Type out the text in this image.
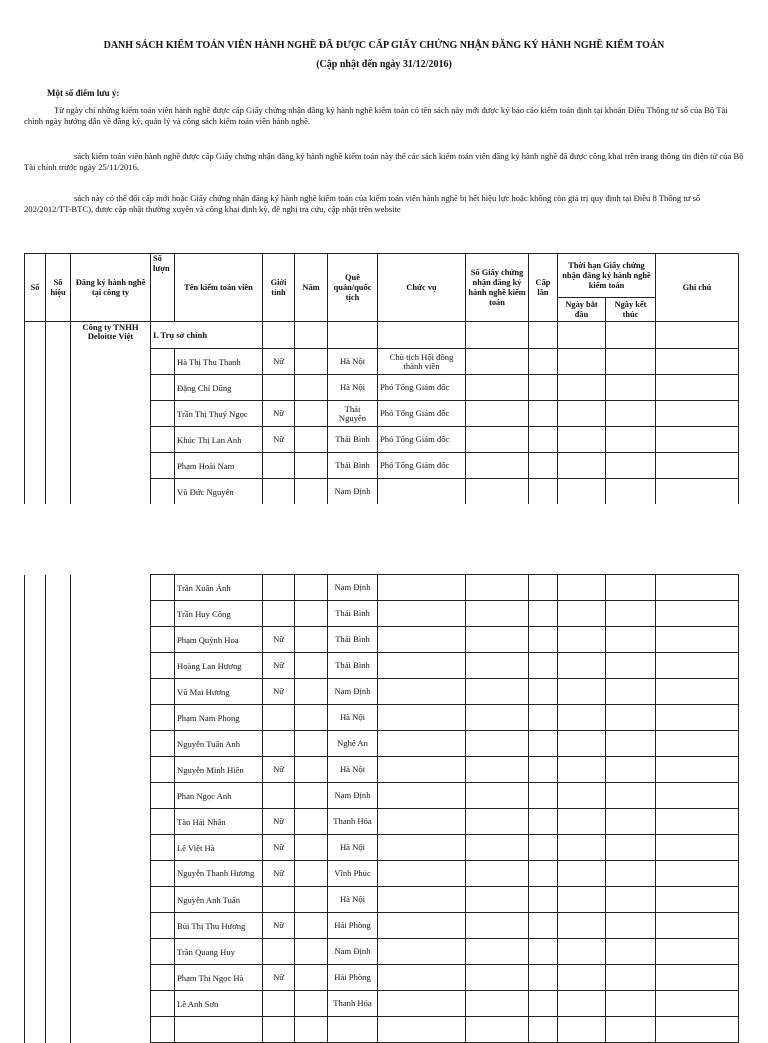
DANH SÁCH KIỂM TOÁN VIÊN HÀNH NGHỀ ĐÃ ĐƯỢC CẤP GIẤY CHỨNG NHẬN ĐĂNG KÝ HÀNH NGHỀ KIỂM TOÁN
(Cập nhật đến ngày 31/12/2016)
Một số điểm lưu ý:
Từ ngày chỉ những kiểm toán viên hành nghề được cấp Giấy chứng nhận đăng ký hành nghề kiểm toán có tên sách này mới được ký báo cáo kiểm toán định tại khoản Điều Thông tư số của Bộ Tài chính ngày hướng dẫn về đăng ký, quản lý và công sách kiểm toán viên hành nghề.
sách kiểm toán viên hành nghề được cấp Giấy chứng nhận đăng ký hành nghề kiểm toán này thể các sách kiểm toán viên đăng ký hành nghề đã được công khai trên trang thông tin điện tử của Bộ Tài chính trước ngày 25/11/2016.
sách này có thể đổi cấp mới hoặc Giấy chứng nhận đăng ký hành nghề kiểm toán của kiểm toán viên hành nghề bị hết hiệu lực hoặc không còn giá trị quy định tại Điều 8 Thông tư số 202/2012/TT-BTC), được cập nhật thường xuyên và công khai định kỳ, đề nghị tra cứu, cập nhật trên website
Số	Số hiệu	Đăng ký hành nghề tại công ty	Số lượn	Tên kiểm toán viên	Giới tính	Năm	Quê quán/quốc tịch	Chức vụ	Số Giấy chứng nhận đăng ký hành nghề kiểm toán	Cấp lần	Thời hạn Giấy chứng nhận đăng ký hành nghề kiểm toán		Ghi chú
											Ngày bắt đầu	Ngày kết thúc	
		Công ty TNHH Deloitte Việt	I. Trụ sở chính										
				Hà Thị Thu Thanh	Nữ		Hà Nội	Chủ tịch Hội đồng thành viên					
				Đặng Chí Dũng			Hà Nội	Phó Tổng Giám đốc					
				Trần Thị Thuý Ngọc	Nữ		Thái Nguyên	Phó Tổng Giám đốc					
				Khúc Thị Lan Anh	Nữ		Thái Bình	Phó Tổng Giám đốc					
				Phạm Hoài Nam			Thái Bình	Phó Tổng Giám đốc					
				Vũ Đức Nguyên			Nam Định						
				Trần Xuân Ánh			Nam Định						
				Trần Huy Công			Thái Bình						
				Phạm Quỳnh Hoa	Nữ		Thái Bình						
				Hoàng Lan Hương	Nữ		Thái Bình						
				Vũ Mai Hương	Nữ		Nam Định						
				Phạm Nam Phong			Hà Nội						
				Nguyễn Tuấn Anh			Nghệ An						
				Nguyễn Minh Hiền	Nữ		Hà Nội						
				Phan Ngọc Anh			Nam Định						
				Tào Hải Nhân	Nữ		Thanh Hóa						
				Lê Việt Hà	Nữ		Hà Nội						
				Nguyễn Thanh Hương	Nữ		Vĩnh Phúc						
				Nguyễn Anh Tuấn			Hà Nội						
				Bùi Thị Thu Hương	Nữ		Hải Phòng						
				Trần Quang Huy			Nam Định						
				Phạm Thị Ngọc Hà	Nữ		Hải Phòng						
				Lê Anh Sơn			Thanh Hóa						
